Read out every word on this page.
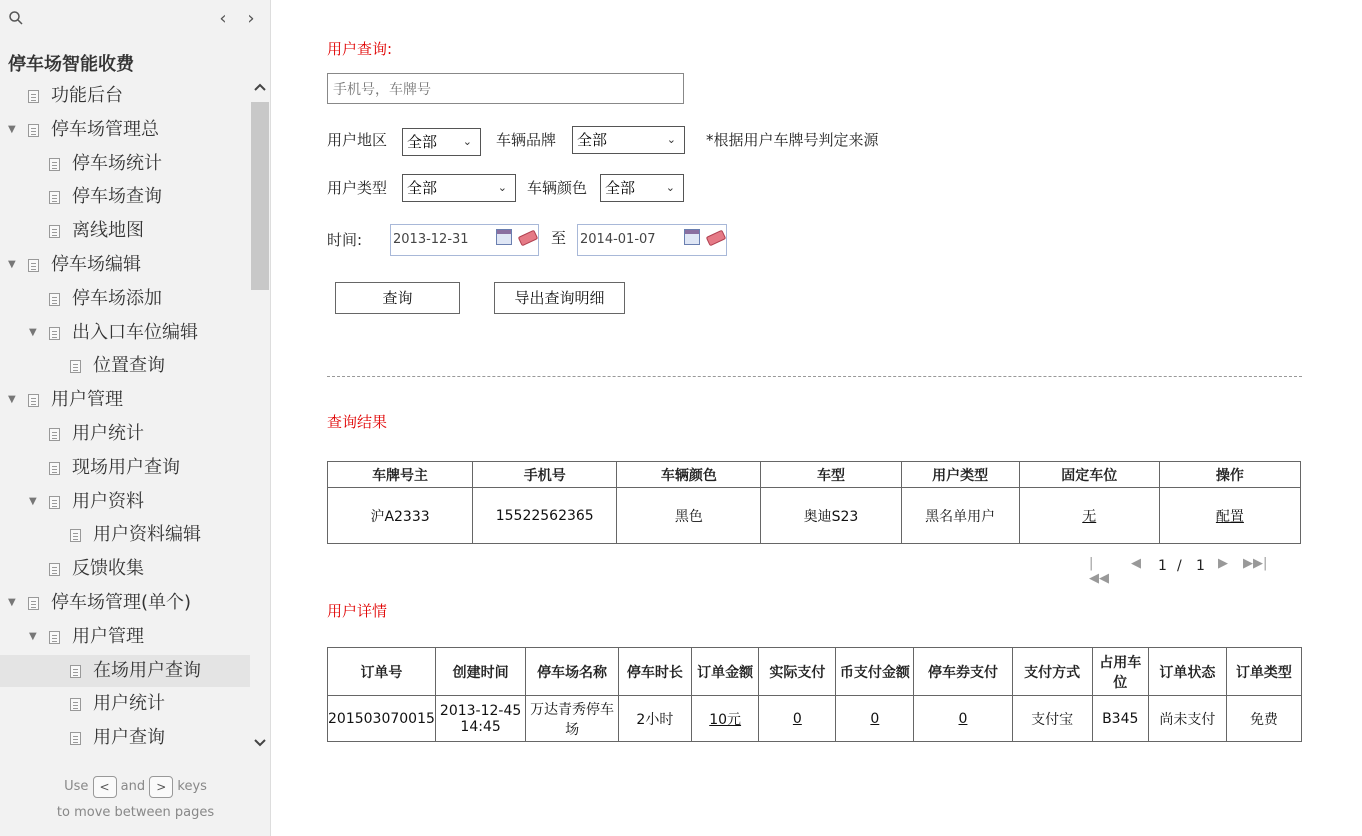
‹	›
停车场智能收费
功能后台
▼ 停车场管理总
停车场统计
停车场查询
离线地图
▼ 停车场编辑
停车场添加
▼ 出入口车位编辑
位置查询
▼ 用户管理
用户统计
现场用户查询
▼ 用户资料
用户资料编辑
反馈收集
▼ 停车场管理(单个)
▼ 用户管理
在场用户查询
用户统计
用户查询
Use < and > keys
to move between pages
用户查询:
手机号，车牌号
用户地区	全部 ⌄ 车辆品牌	全部	⌄ *根据用户车牌号判定来源
用户类型	全部	⌄ 车辆颜色	全部	⌄
时间: 2013-12-31	至 2014-01-07
查询	导出查询明细
查询结果
车牌号主	手机号	车辆颜色	车型	用户类型	固定车位	操作
沪A2333	15522562365	黑色	奥迪S23	黑名单用户	无	配置
|◀◀
◀ 1 / 1 ▶ ▶▶|
用户详情
订单号	创建时间	停车场名称	停车时长	订单金额	实际支付	币支付金额	停车券支付	支付方式	占用车位	订单状态	订单类型
201503070015	2013-12-45 14:45	万达青秀停车场	2小时	10元	0	0	0	支付宝	B345	尚未支付	免费
